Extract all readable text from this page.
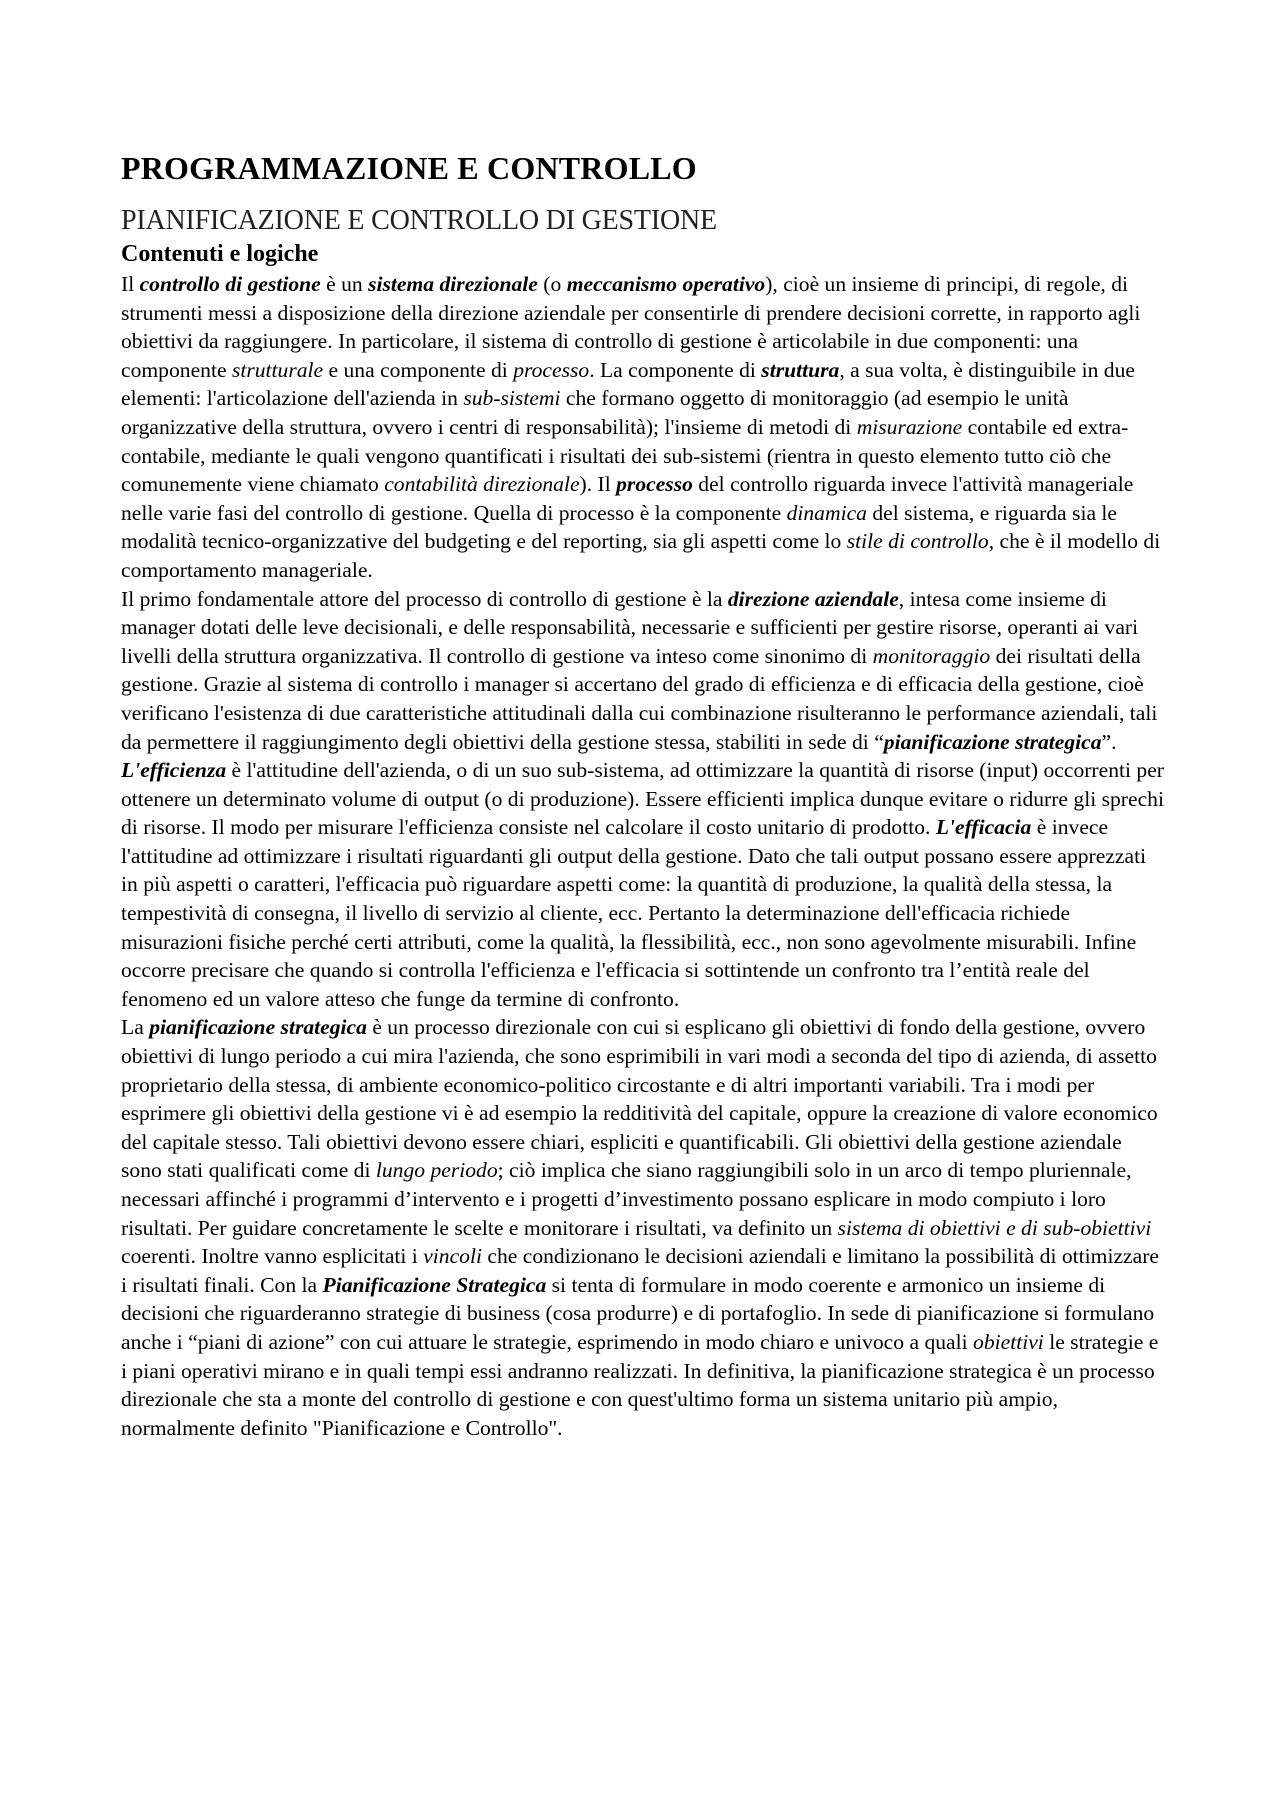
PROGRAMMAZIONE E CONTROLLO
PIANIFICAZIONE E CONTROLLO DI GESTIONE
Contenuti e logiche

Il controllo di gestione è un sistema direzionale (o meccanismo operativo), cioè un insieme di principi, di regole, di strumenti messi a disposizione della direzione aziendale per consentirle di prendere decisioni corrette, in rapporto agli obiettivi da raggiungere. In particolare, il sistema di controllo di gestione è articolabile in due componenti: una componente strutturale e una componente di processo. La componente di struttura, a sua volta, è distinguibile in due elementi: l'articolazione dell'azienda in sub-sistemi che formano oggetto di monitoraggio (ad esempio le unità organizzative della struttura, ovvero i centri di responsabilità); l'insieme di metodi di misurazione contabile ed extra-contabile, mediante le quali vengono quantificati i risultati dei sub-sistemi (rientra in questo elemento tutto ciò che comunemente viene chiamato contabilità direzionale). Il processo del controllo riguarda invece l'attività manageriale nelle varie fasi del controllo di gestione. Quella di processo è la componente dinamica del sistema, e riguarda sia le modalità tecnico-organizzative del budgeting e del reporting, sia gli aspetti come lo stile di controllo, che è il modello di comportamento manageriale.

Il primo fondamentale attore del processo di controllo di gestione è la direzione aziendale, intesa come insieme di manager dotati delle leve decisionali, e delle responsabilità, necessarie e sufficienti per gestire risorse, operanti ai vari livelli della struttura organizzativa. Il controllo di gestione va inteso come sinonimo di monitoraggio dei risultati della gestione. Grazie al sistema di controllo i manager si accertano del grado di efficienza e di efficacia della gestione, cioè verificano l'esistenza di due caratteristiche attitudinali dalla cui combinazione risulteranno le performance aziendali, tali da permettere il raggiungimento degli obiettivi della gestione stessa, stabiliti in sede di “pianificazione strategica”. L'efficienza è l'attitudine dell'azienda, o di un suo sub-sistema, ad ottimizzare la quantità di risorse (input) occorrenti per ottenere un determinato volume di output (o di produzione). Essere efficienti implica dunque evitare o ridurre gli sprechi di risorse. Il modo per misurare l'efficienza consiste nel calcolare il costo unitario di prodotto. L'efficacia è invece l'attitudine ad ottimizzare i risultati riguardanti gli output della gestione. Dato che tali output possano essere apprezzati in più aspetti o caratteri, l'efficacia può riguardare aspetti come: la quantità di produzione, la qualità della stessa, la tempestività di consegna, il livello di servizio al cliente, ecc. Pertanto la determinazione dell'efficacia richiede misurazioni fisiche perché certi attributi, come la qualità, la flessibilità, ecc., non sono agevolmente misurabili. Infine occorre precisare che quando si controlla l'efficienza e l'efficacia si sottintende un confronto tra l’entità reale del fenomeno ed un valore atteso che funge da termine di confronto.

La pianificazione strategica è un processo direzionale con cui si esplicano gli obiettivi di fondo della gestione, ovvero obiettivi di lungo periodo a cui mira l'azienda, che sono esprimibili in vari modi a seconda del tipo di azienda, di assetto proprietario della stessa, di ambiente economico-politico circostante e di altri importanti variabili. Tra i modi per esprimere gli obiettivi della gestione vi è ad esempio la redditività del capitale, oppure la creazione di valore economico del capitale stesso. Tali obiettivi devono essere chiari, espliciti e quantificabili. Gli obiettivi della gestione aziendale sono stati qualificati come di lungo periodo; ciò implica che siano raggiungibili solo in un arco di tempo pluriennale, necessari affinché i programmi d’intervento e i progetti d’investimento possano esplicare in modo compiuto i loro risultati. Per guidare concretamente le scelte e monitorare i risultati, va definito un sistema di obiettivi e di sub-obiettivi coerenti. Inoltre vanno esplicitati i vincoli che condizionano le decisioni aziendali e limitano la possibilità di ottimizzare i risultati finali. Con la Pianificazione Strategica si tenta di formulare in modo coerente e armonico un insieme di decisioni che riguarderanno strategie di business (cosa produrre) e di portafoglio. In sede di pianificazione si formulano anche i “piani di azione” con cui attuare le strategie, esprimendo in modo chiaro e univoco a quali obiettivi le strategie e i piani operativi mirano e in quali tempi essi andranno realizzati. In definitiva, la pianificazione strategica è un processo direzionale che sta a monte del controllo di gestione e con quest'ultimo forma un sistema unitario più ampio, normalmente definito "Pianificazione e Controllo".
